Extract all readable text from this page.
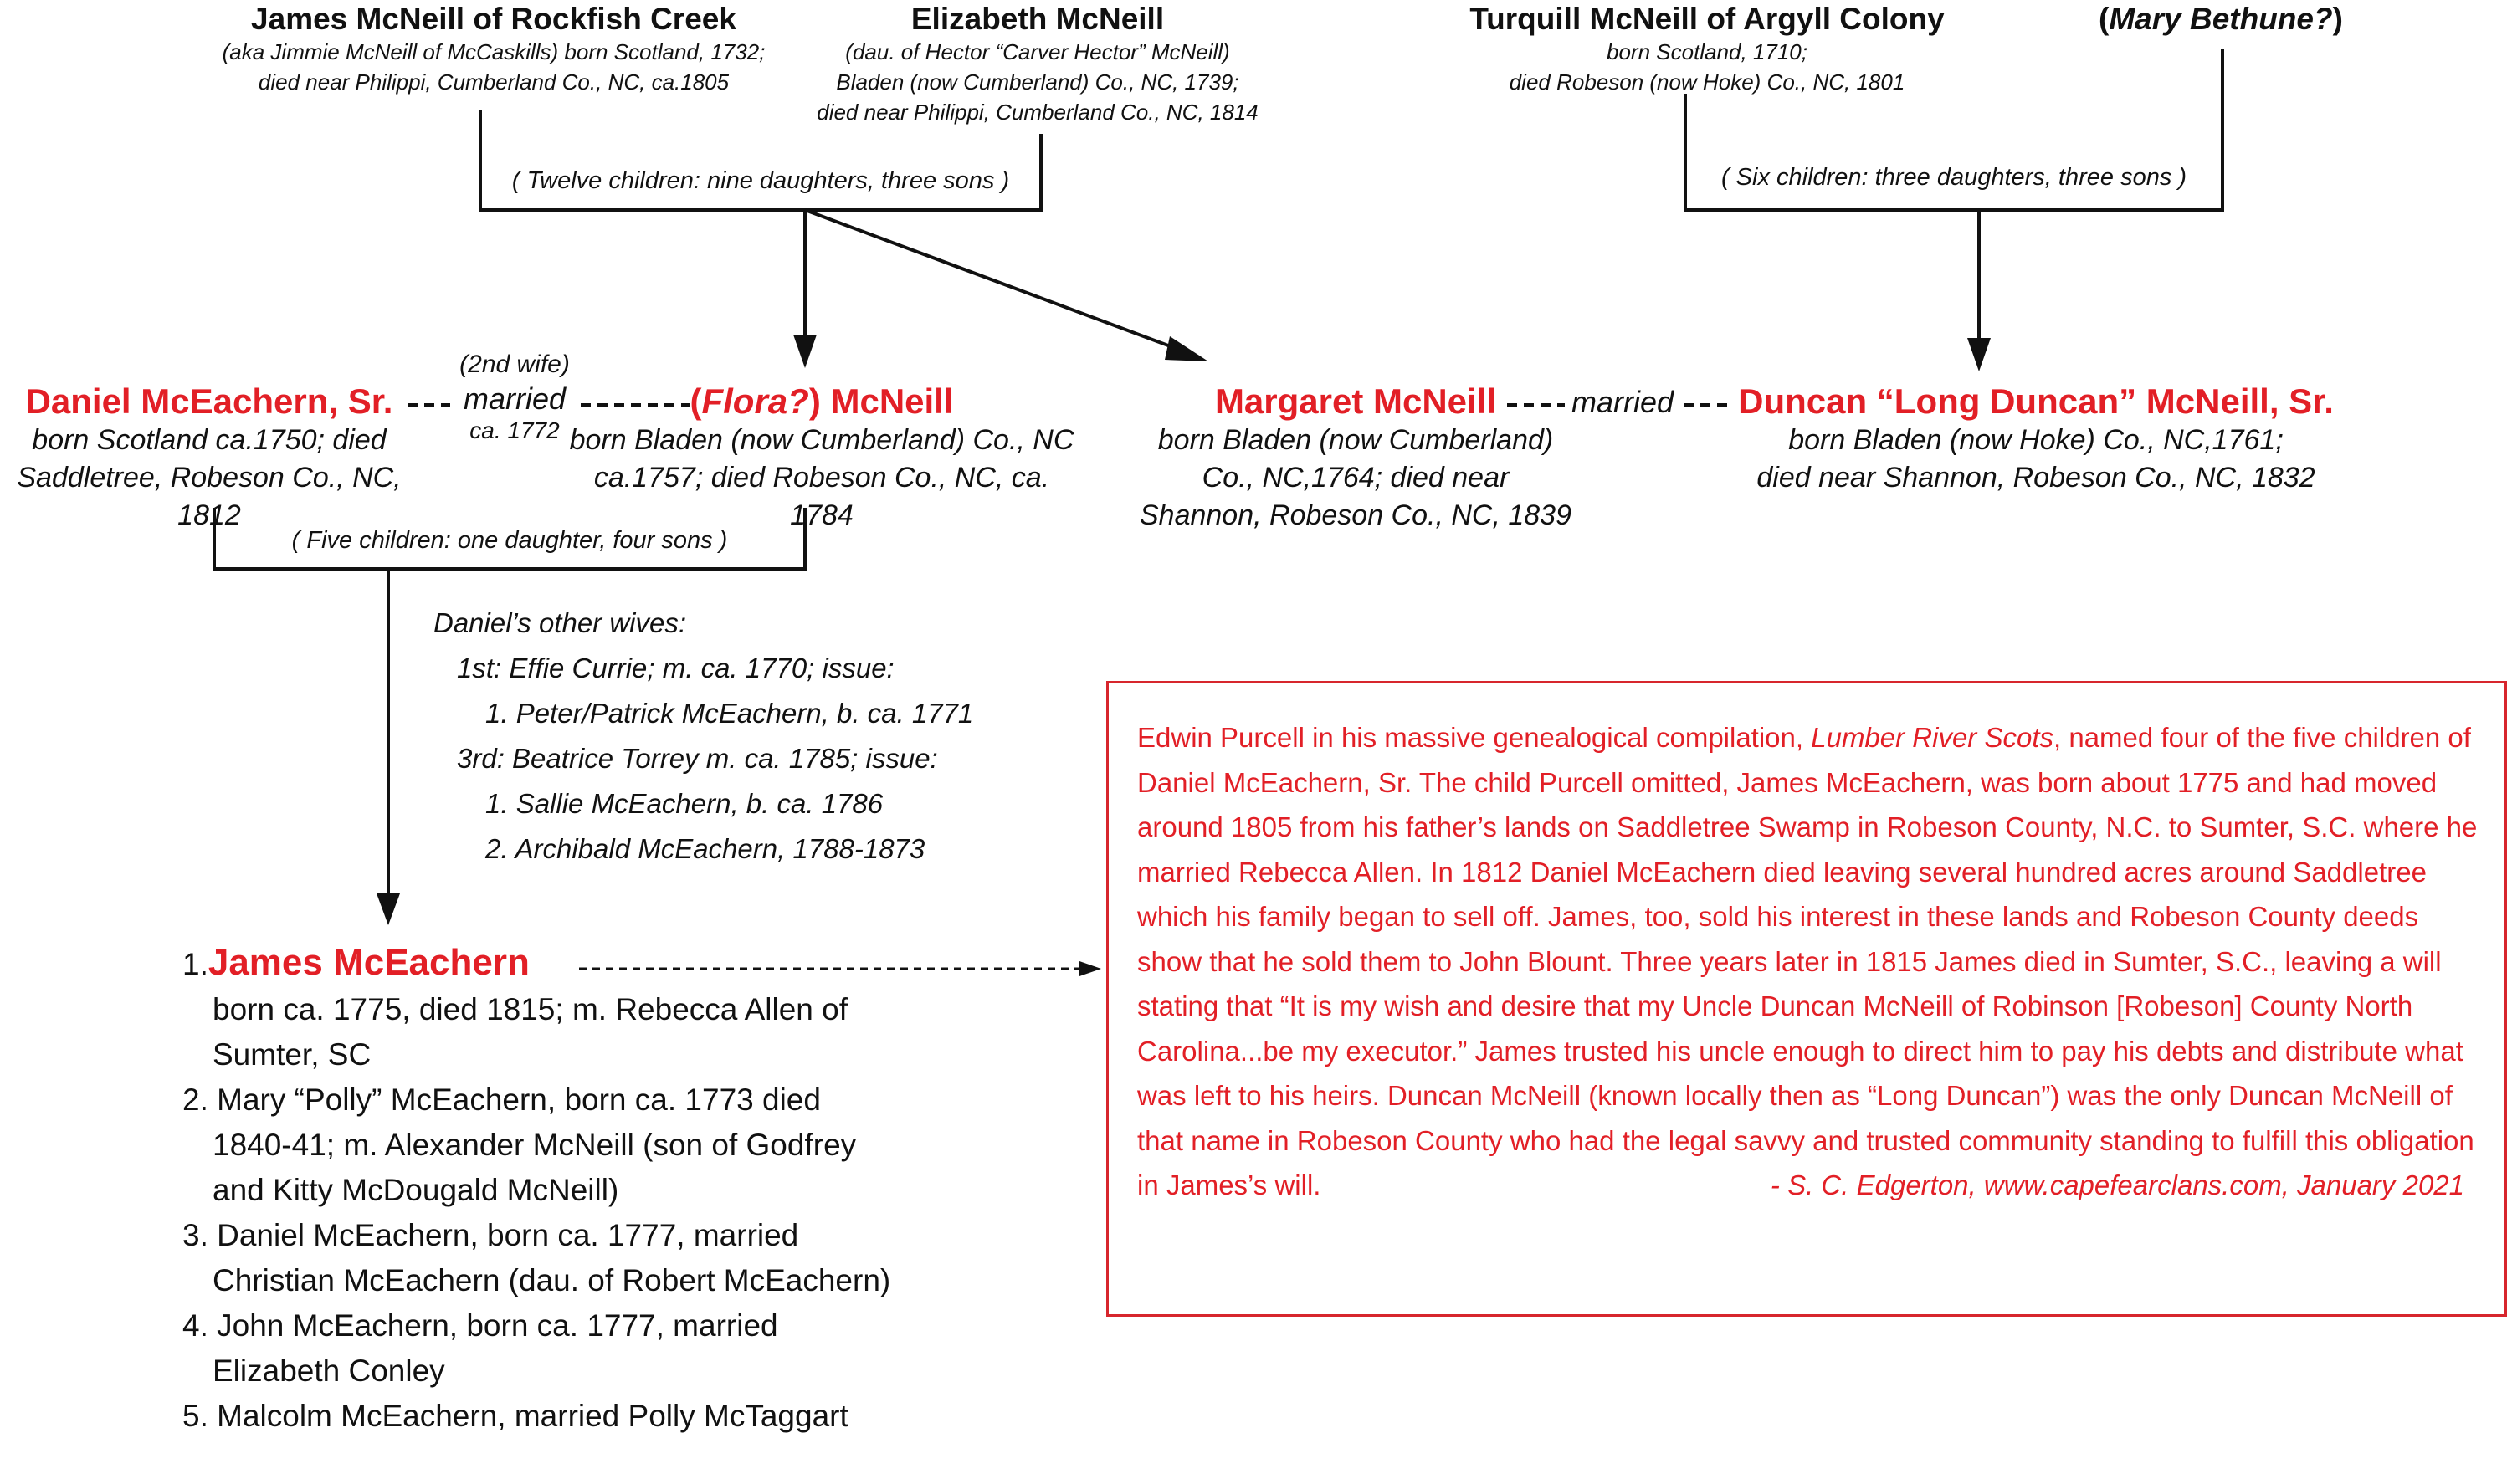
James McNeill of Rockfish Creek
(aka Jimmie McNeill of McCaskills) born Scotland, 1732;
died near Philippi, Cumberland Co., NC, ca.1805
Elizabeth McNeill
(dau. of Hector “Carver Hector” McNeill)
Bladen (now Cumberland) Co., NC, 1739;
died near Philippi, Cumberland Co., NC, 1814
( Twelve children: nine daughters, three sons )
Turquill McNeill of Argyll Colony
born Scotland, 1710;
died Robeson (now Hoke) Co., NC, 1801
(Mary Bethune?)
( Six children: three daughters, three sons )
Daniel McEachern, Sr.
born Scotland ca.1750; died
Saddletree, Robeson Co., NC, 1812
(2nd wife)
married
ca. 1772
(Flora?) McNeill
born Bladen (now Cumberland) Co., NC
ca.1757; died Robeson Co., NC, ca. 1784
Margaret McNeill
born Bladen (now Cumberland)
Co., NC,1764; died near
Shannon, Robeson Co., NC, 1839
married Duncan “Long Duncan” McNeill, Sr.
born Bladen (now Hoke) Co., NC,1761;
died near Shannon, Robeson Co., NC, 1832
( Five children: one daughter, four sons )
Daniel’s other wives:
1st: Effie Currie; m. ca. 1770; issue:
1. Peter/Patrick McEachern, b. ca. 1771
3rd: Beatrice Torrey m. ca. 1785; issue:
1. Sallie McEachern, b. ca. 1786
2. Archibald McEachern, 1788-1873
1.James McEachern
born ca. 1775, died 1815; m. Rebecca Allen of
Sumter, SC
2. Mary “Polly” McEachern, born ca. 1773 died
1840-41; m. Alexander McNeill (son of Godfrey
and Kitty McDougald McNeill)
3. Daniel McEachern, born ca. 1777, married
Christian McEachern (dau. of Robert McEachern)
4. John McEachern, born ca. 1777, married
Elizabeth Conley
5. Malcolm McEachern, married Polly McTaggart
Edwin Purcell in his massive genealogical compilation, Lumber River Scots, named four of the five children of Daniel McEachern, Sr. The child Purcell omitted, James McEachern, was born about 1775 and had moved around 1805 from his father’s lands on Saddletree Swamp in Robeson County, N.C. to Sumter, S.C. where he married Rebecca Allen. In 1812 Daniel McEachern died leaving several hundred acres around Saddletree which his family began to sell off. James, too, sold his interest in these lands and Robeson County deeds show that he sold them to John Blount. Three years later in 1815 James died in Sumter, S.C., leaving a will stating that “It is my wish and desire that my Uncle Duncan McNeill of Robinson [Robeson] County North Carolina...be my executor.” James trusted his uncle enough to direct him to pay his debts and distribute what was left to his heirs. Duncan McNeill (known locally then as “Long Duncan”) was the only Duncan McNeill of that name in Robeson County who had the legal savvy and trusted community standing to fulfill this obligation in James’s will.	- S. C. Edgerton, www.capefearclans.com, January 2021
